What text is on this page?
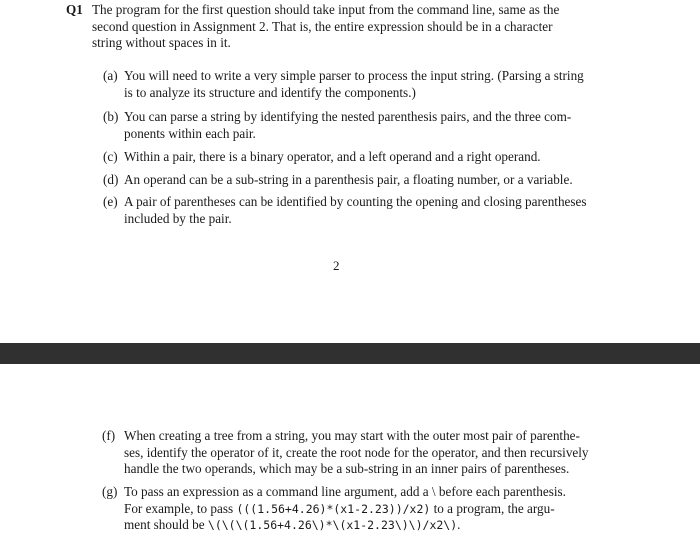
Q1 The program for the first question should take input from the command line, same as the
second question in Assignment 2. That is, the entire expression should be in a character
string without spaces in it.
(a) You will need to write a very simple parser to process the input string. (Parsing a string
is to analyze its structure and identify the components.)
(b) You can parse a string by identifying the nested parenthesis pairs, and the three com-
ponents within each pair.
(c) Within a pair, there is a binary operator, and a left operand and a right operand.
(d) An operand can be a sub-string in a parenthesis pair, a floating number, or a variable.
(e) A pair of parentheses can be identified by counting the opening and closing parentheses
included by the pair.
2
(f) When creating a tree from a string, you may start with the outer most pair of parenthe-
ses, identify the operator of it, create the root node for the operator, and then recursively
handle the two operands, which may be a sub-string in an inner pairs of parentheses.
(g) To pass an expression as a command line argument, add a \ before each parenthesis.
For example, to pass (((1.56+4.26)*(x1-2.23))/x2) to a program, the argu-
ment should be \(\(\(1.56+4.26\)*\(x1-2.23\)\)/x2\).
